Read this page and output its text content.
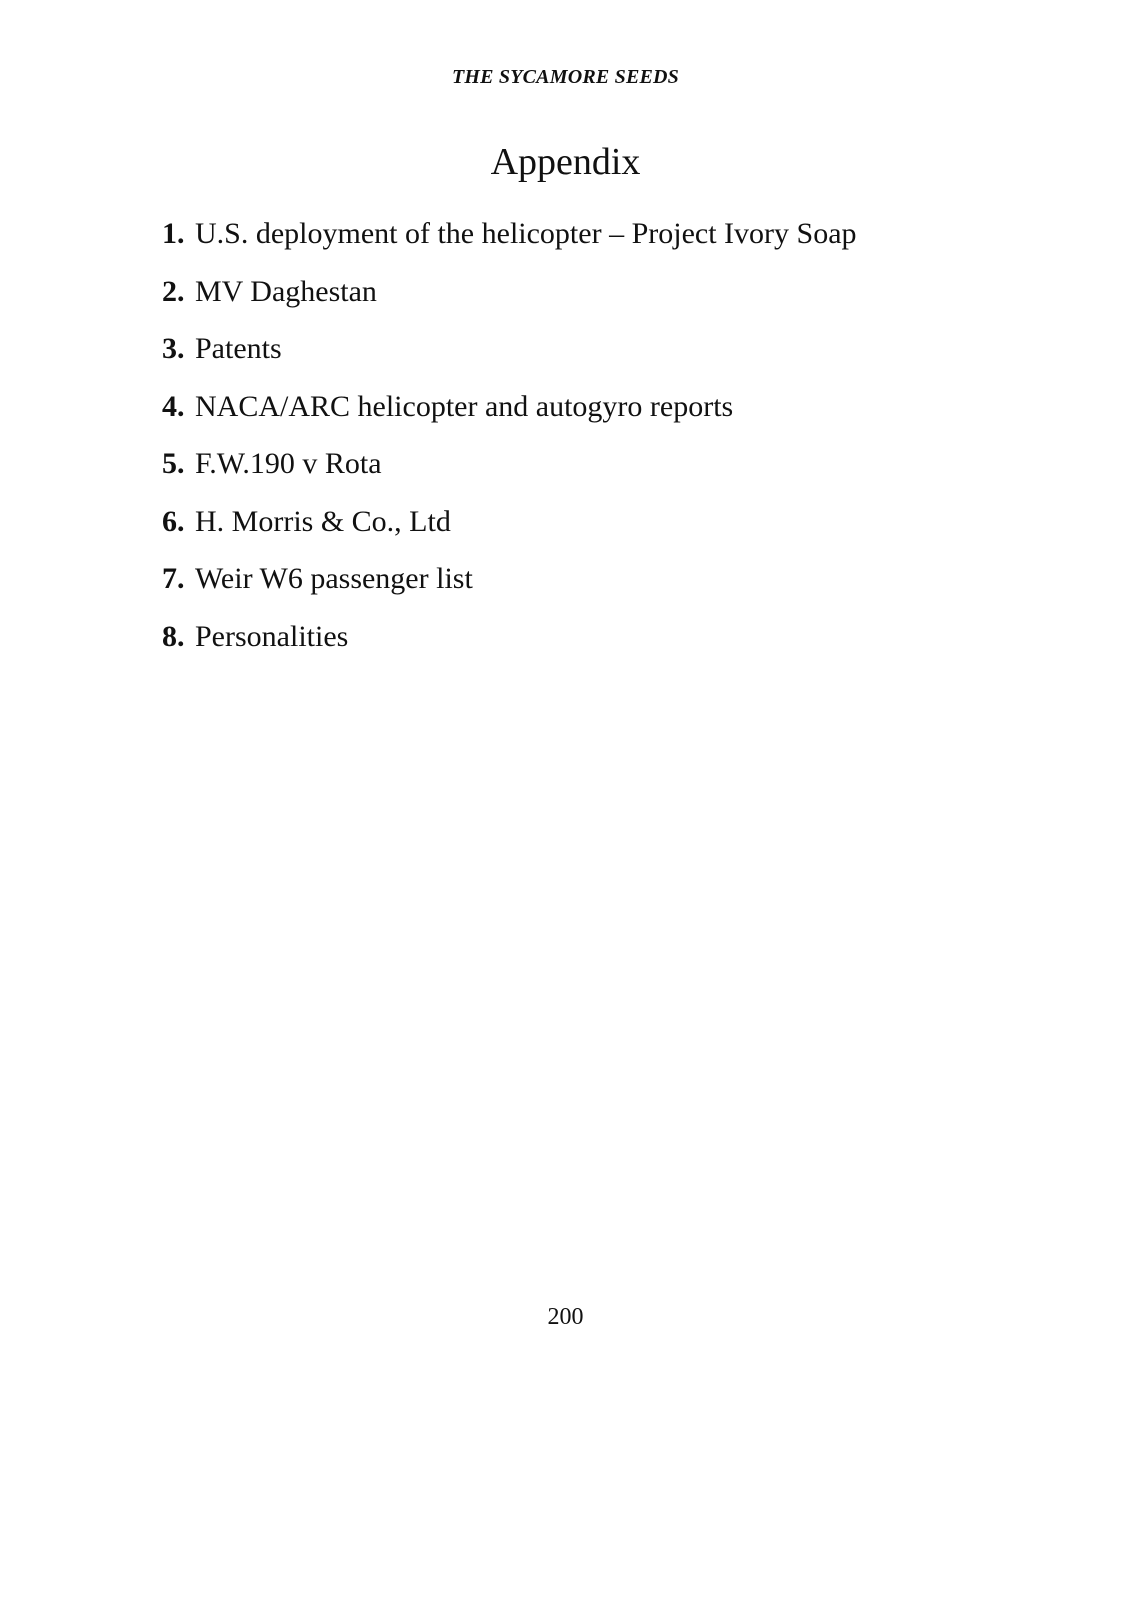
THE SYCAMORE SEEDS
Appendix
1. U.S. deployment of the helicopter – Project Ivory Soap
2. MV Daghestan
3. Patents
4. NACA/ARC helicopter and autogyro reports
5. F.W.190 v Rota
6. H. Morris & Co., Ltd
7. Weir W6 passenger list
8. Personalities
200
